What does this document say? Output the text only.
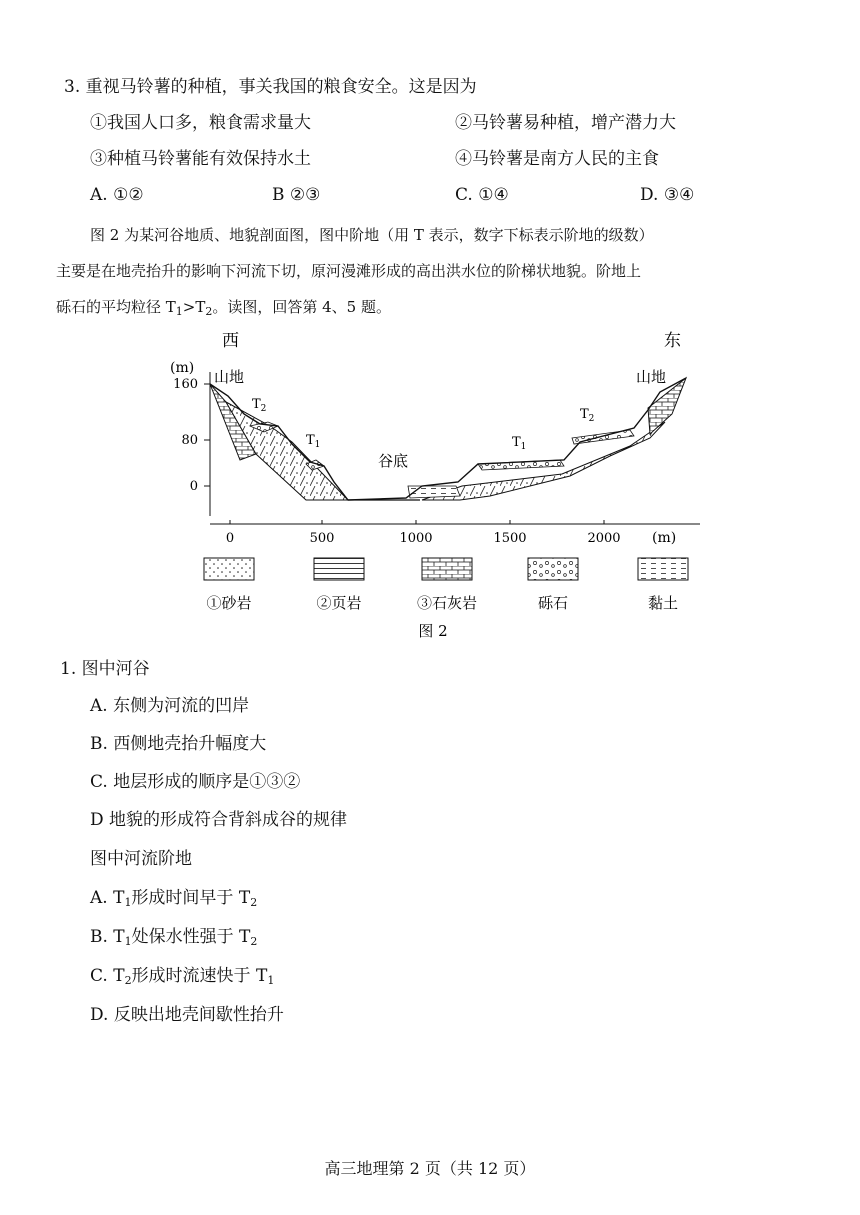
3. 重视马铃薯的种植，事关我国的粮食安全。这是因为
①我国人口多，粮食需求量大	②马铃薯易种植，增产潜力大
③种植马铃薯能有效保持水土	④马铃薯是南方人民的主食
A. ①②	B ②③	C. ①④	D. ③④
图 2 为某河谷地质、地貌剖面图，图中阶地（用 T 表示，数字下标表示阶地的级数）
主要是在地壳抬升的影响下河流下切，原河漫滩形成的高出洪水位的阶梯状地貌。阶地上
砾石的平均粒径 $T_1>T_2$。读图，回答第 4、5 题。
西	东
(m)
160
80
0
0	500	1000	1500	2000 (m)
山地	山地
谷底
$T_2$
$T_1$	$T_1$
$T_2$
①砂岩	②页岩	③石灰岩	砾石	黏土
图 2
1. 图中河谷
A. 东侧为河流的凹岸
B. 西侧地壳抬升幅度大
C. 地层形成的顺序是①③②
D 地貌的形成符合背斜成谷的规律
图中河流阶地
A. $T_1$形成时间早于 $T_2$
B. $T_1$处保水性强于 $T_2$
C. $T_2$形成时流速快于 $T_1$
D. 反映出地壳间歇性抬升
高三地理第 2 页（共 12 页）
